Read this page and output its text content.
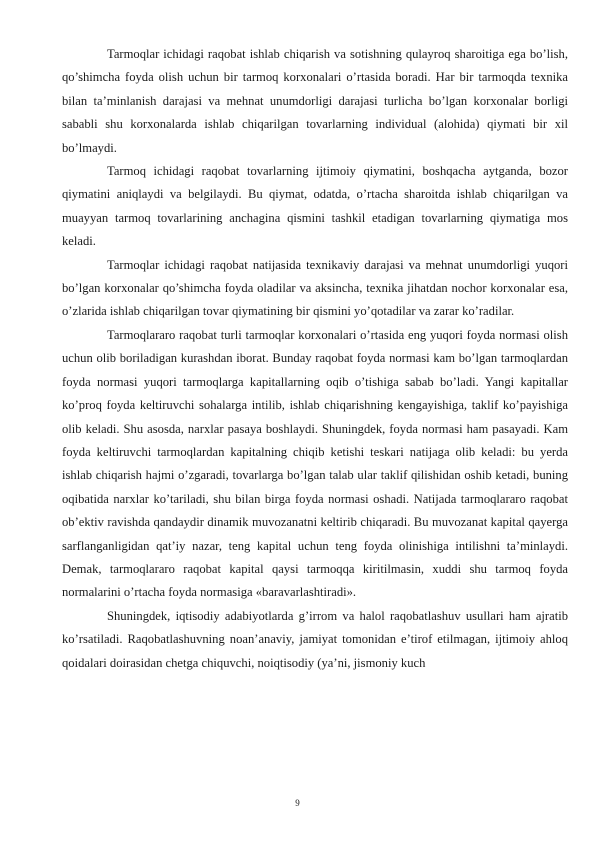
Tarmoqlar ichidagi raqobat ishlab chiqarish va sotishning qulayroq sharoitiga ega bo’lish, qo’shimcha foyda olish uchun bir tarmoq korxonalari o’rtasida boradi. Har bir tarmoqda texnika bilan ta’minlanish darajasi va mehnat unumdorligi darajasi turlicha bo’lgan korxonalar borligi sababli shu korxonalarda ishlab chiqarilgan tovarlarning individual (alohida) qiymati bir xil bo’lmaydi.

Tarmoq ichidagi raqobat tovarlarning ijtimoiy qiymatini, boshqacha aytganda, bozor qiymatini aniqlaydi va belgilaydi. Bu qiymat, odatda, o’rtacha sharoitda ishlab chiqarilgan va muayyan tarmoq tovarlarining anchagina qismini tashkil etadigan tovarlarning qiymatiga mos keladi.

Tarmoqlar ichidagi raqobat natijasida texnikaviy darajasi va mehnat unumdorligi yuqori bo’lgan korxonalar qo’shimcha foyda oladilar va aksincha, texnika jihatdan nochor korxonalar esa, o’zlarida ishlab chiqarilgan tovar qiymatining bir qismini yo’qotadilar va zarar ko’radilar.

Tarmoqlararo raqobat turli tarmoqlar korxonalari o’rtasida eng yuqori foyda normasi olish uchun olib boriladigan kurashdan iborat. Bunday raqobat foyda normasi kam bo’lgan tarmoqlardan foyda normasi yuqori tarmoqlarga kapitallarning oqib o’tishiga sabab bo’ladi. Yangi kapitallar ko’proq foyda keltiruvchi sohalarga intilib, ishlab chiqarishning kengayishiga, taklif ko’payishiga olib keladi. Shu asosda, narxlar pasaya boshlaydi. Shuningdek, foyda normasi ham pasayadi. Kam foyda keltiruvchi tarmoqlardan kapitalning chiqib ketishi teskari natijaga olib keladi: bu yerda ishlab chiqarish hajmi o’zgaradi, tovarlarga bo’lgan talab ular taklif qilishidan oshib ketadi, buning oqibatida narxlar ko’tariladi, shu bilan birga foyda normasi oshadi. Natijada tarmoqlararo raqobat ob’ektiv ravishda qandaydir dinamik muvozanatni keltirib chiqaradi. Bu muvozanat kapital qayerga sarflanganligidan qat’iy nazar, teng kapital uchun teng foyda olinishiga intilishni ta’minlaydi. Demak, tarmoqlararo raqobat kapital qaysi tarmoqqa kiritilmasin, xuddi shu tarmoq foyda normalarini o’rtacha foyda normasiga «baravarlashtiradi».

Shuningdek, iqtisodiy adabiyotlarda g’irrom va halol raqobatlashuv usullari ham ajratib ko’rsatiladi. Raqobatlashuvning noan’anaviy, jamiyat tomonidan e’tirof etilmagan, ijtimoiy ahloq qoidalari doirasidan chetga chiquvchi, noiqtisodiy (ya’ni, jismoniy kuch

9
